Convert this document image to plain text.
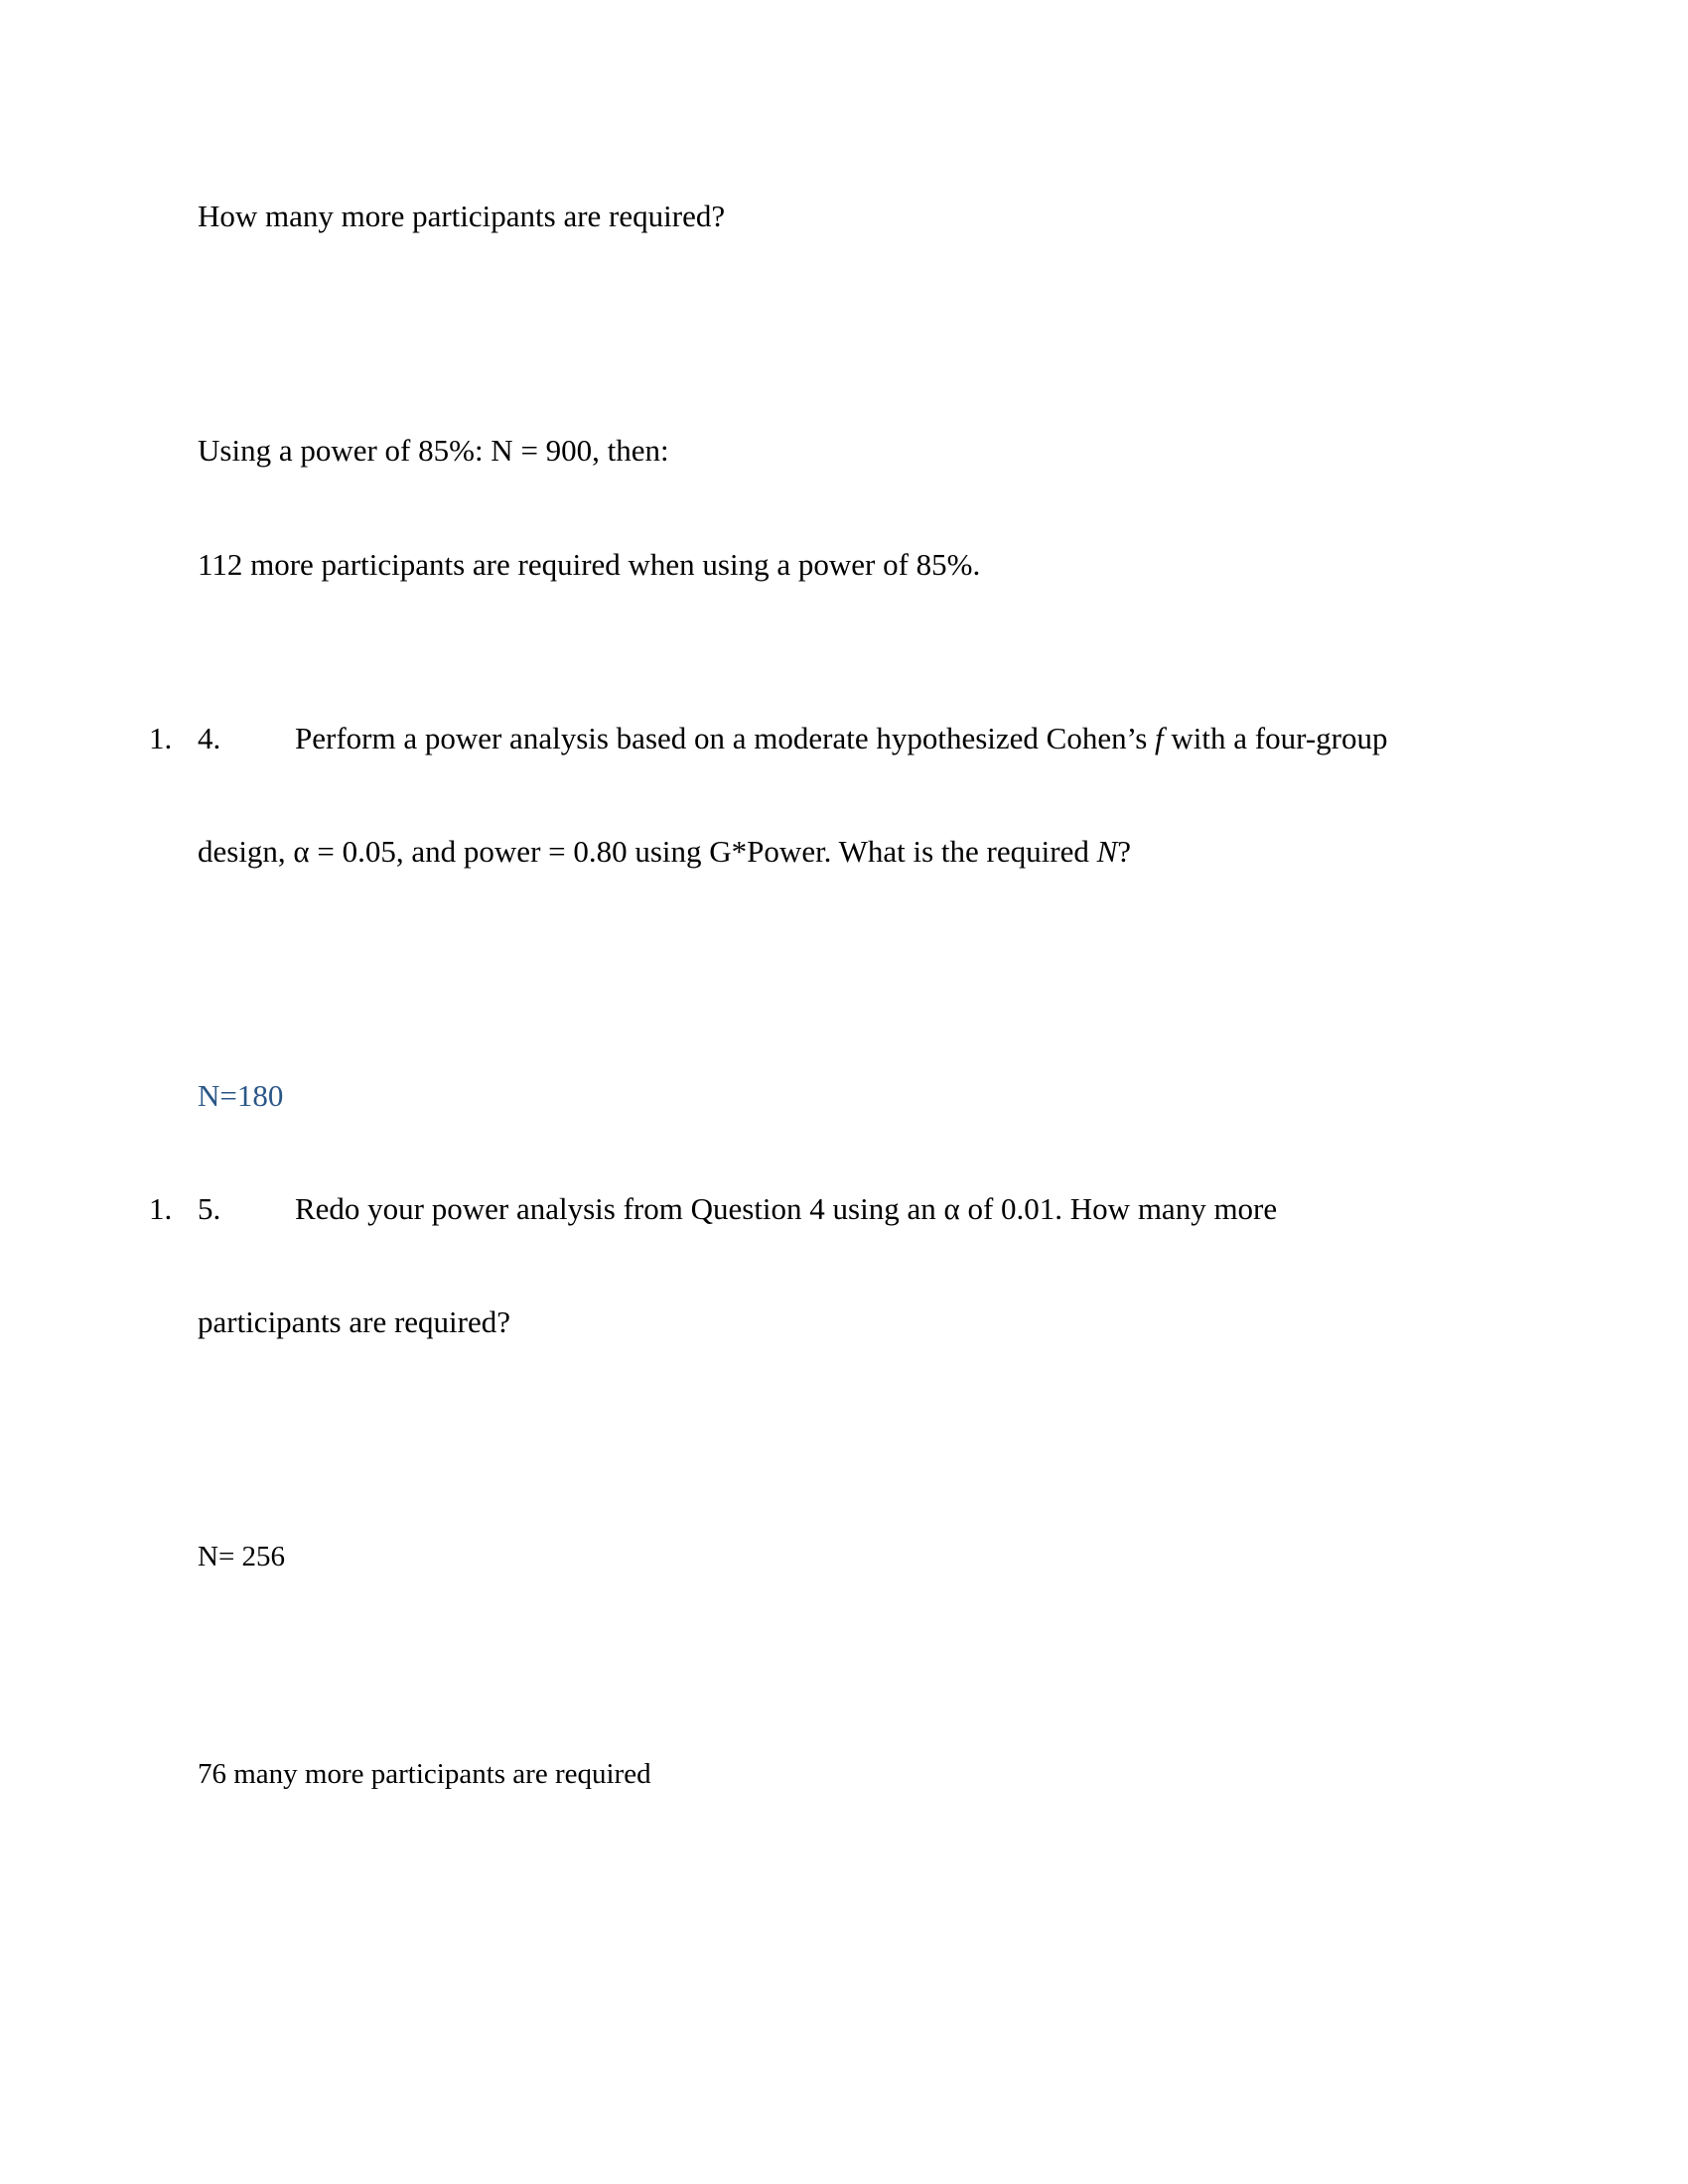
How many more participants are required?
Using a power of 85%: N = 900, then:
112 more participants are required when using a power of 85%.
1. 4. Perform a power analysis based on a moderate hypothesized Cohen’s f with a four-group
design, α = 0.05, and power = 0.80 using G*Power. What is the required N?
N=180
1. 5. Redo your power analysis from Question 4 using an α of 0.01. How many more
participants are required?
N= 256
76 many more participants are required
